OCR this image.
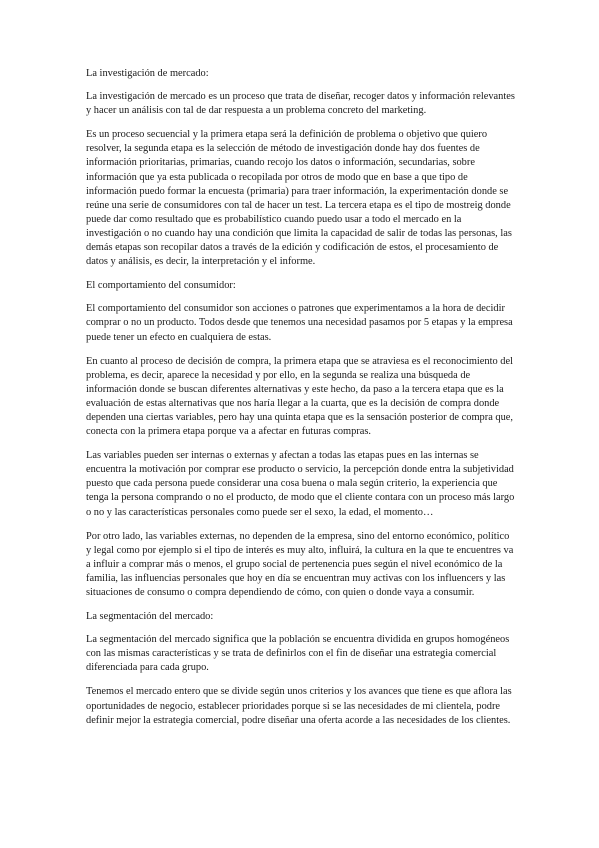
La investigación de mercado:

La investigación de mercado es un proceso que trata de diseñar, recoger datos y información relevantes y hacer un análisis con tal de dar respuesta a un problema concreto del marketing.

Es un proceso secuencial y la primera etapa será la definición de problema o objetivo que quiero resolver, la segunda etapa es la selección de método de investigación donde hay dos fuentes de información prioritarias, primarias, cuando recojo los datos o información, secundarias, sobre información que ya esta publicada o recopilada por otros de modo que en base a que tipo de información puedo formar la encuesta (primaria) para traer información, la experimentación donde se reúne una serie de consumidores con tal de hacer un test. La tercera etapa es el tipo de mostreig donde puede dar como resultado que es probabilístico cuando puedo usar a todo el mercado en la investigación o no cuando hay una condición que limita la capacidad de salir de todas las personas, las demás etapas son recopilar datos a través de la edición y codificación de estos, el procesamiento de datos y análisis, es decir, la interpretación y el informe.

El comportamiento del consumidor:

El comportamiento del consumidor son acciones o patrones que experimentamos a la hora de decidir comprar o no un producto. Todos desde que tenemos una necesidad pasamos por 5 etapas y la empresa puede tener un efecto en cualquiera de estas.

En cuanto al proceso de decisión de compra, la primera etapa que se atraviesa es el reconocimiento del problema, es decir, aparece la necesidad y por ello, en la segunda se realiza una búsqueda de información donde se buscan diferentes alternativas y este hecho, da paso a la tercera etapa que es la evaluación de estas alternativas que nos haría llegar a la cuarta, que es la decisión de compra donde dependen una ciertas variables, pero hay una quinta etapa que es la sensación posterior de compra que, conecta con la primera etapa porque va a afectar en futuras compras.

Las variables pueden ser internas o externas y afectan a todas las etapas pues en las internas se encuentra la motivación por comprar ese producto o servicio, la percepción donde entra la subjetividad puesto que cada persona puede considerar una cosa buena o mala según criterio, la experiencia que tenga la persona comprando o no el producto, de modo que el cliente contara con un proceso más largo o no y las características personales como puede ser el sexo, la edad, el momento…

Por otro lado, las variables externas, no dependen de la empresa, sino del entorno económico, político y legal como por ejemplo si el tipo de interés es muy alto, influirá, la cultura en la que te encuentres va a influir a comprar más o menos, el grupo social de pertenencia pues según el nivel económico de la familia, las influencias personales que hoy en día se encuentran muy activas con los influencers y las situaciones de consumo o compra dependiendo de cómo, con quien o donde vaya a consumir.

La segmentación del mercado:

La segmentación del mercado significa que la población se encuentra dividida en grupos homogéneos con las mismas características y se trata de definirlos con el fin de diseñar una estrategia comercial diferenciada para cada grupo.

Tenemos el mercado entero que se divide según unos criterios y los avances que tiene es que aflora las oportunidades de negocio, establecer prioridades porque si se las necesidades de mi clientela, podre definir mejor la estrategia comercial, podre diseñar una oferta acorde a las necesidades de los clientes.
